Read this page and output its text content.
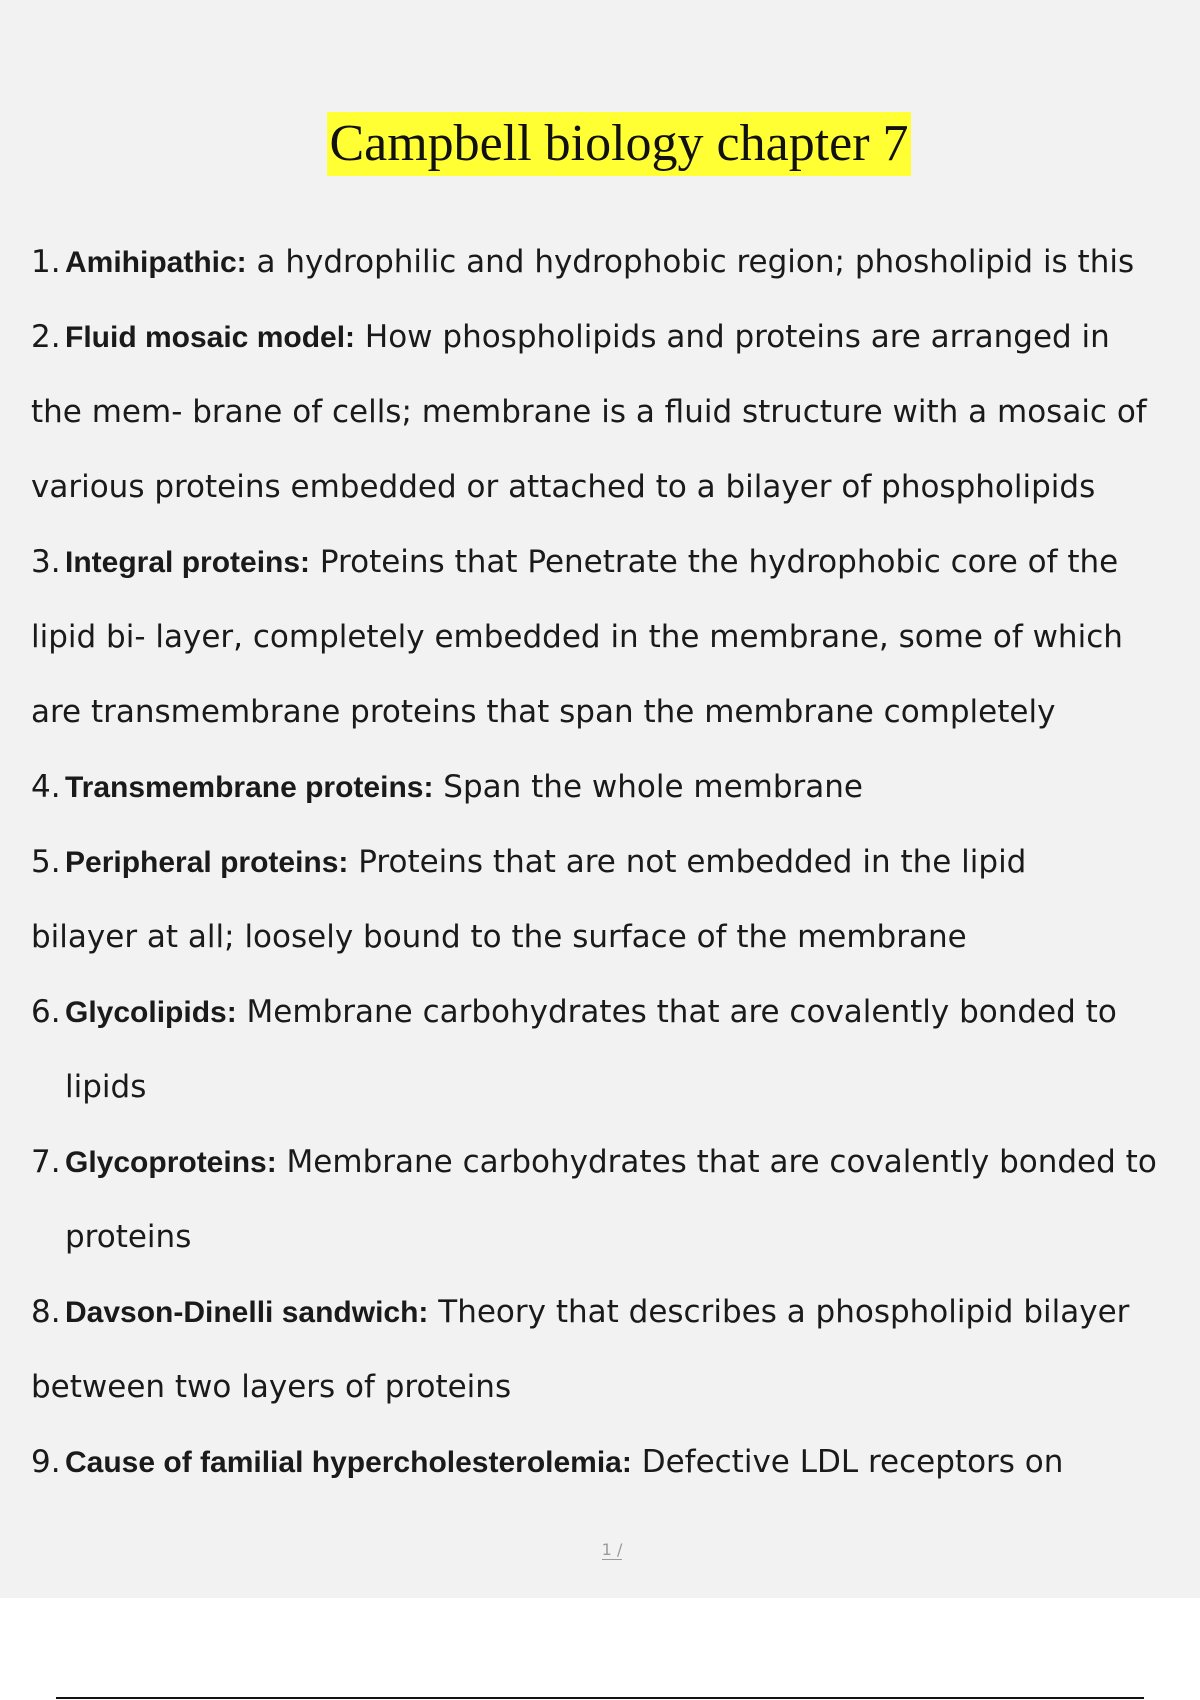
Campbell biology chapter 7
1. Amihipathic: a hydrophilic and hydrophobic region; phosholipid is this
2. Fluid mosaic model: How phospholipids and proteins are arranged in
the mem- brane of cells; membrane is a fluid structure with a mosaic of
various proteins embedded or attached to a bilayer of phospholipids
3. Integral proteins: Proteins that Penetrate the hydrophobic core of the
lipid bi- layer, completely embedded in the membrane, some of which
are transmembrane proteins that span the membrane completely
4. Transmembrane proteins: Span the whole membrane
5. Peripheral proteins: Proteins that are not embedded in the lipid
bilayer at all; loosely bound to the surface of the membrane
6. Glycolipids: Membrane carbohydrates that are covalently bonded to
lipids
7. Glycoproteins: Membrane carbohydrates that are covalently bonded to
proteins
8. Davson-Dinelli sandwich: Theory that describes a phospholipid bilayer
between two layers of proteins
9. Cause of familial hypercholesterolemia: Defective LDL receptors on
1 /
